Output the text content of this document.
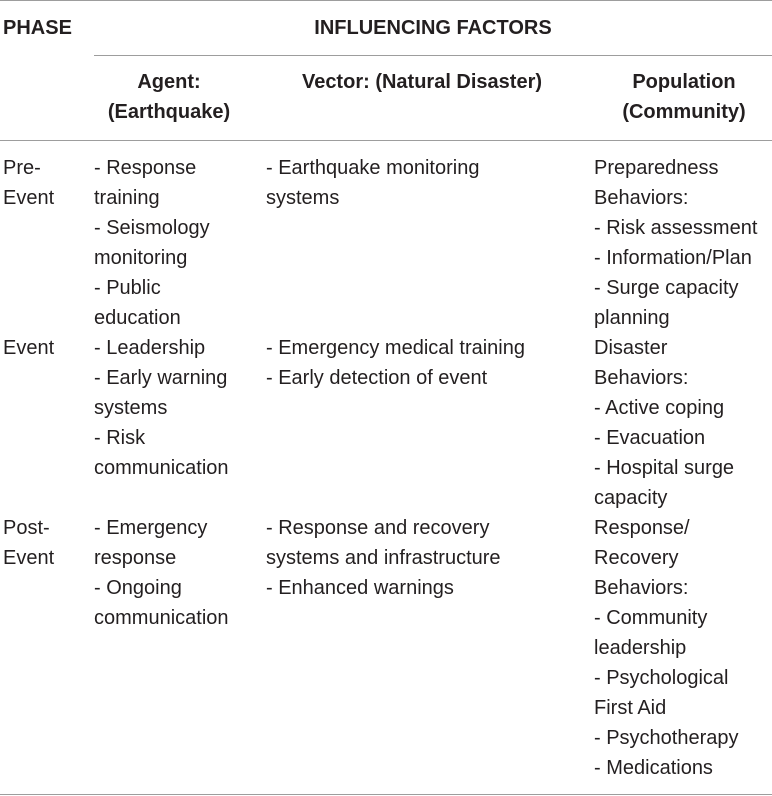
PHASE	INFLUENCING FACTORS
Agent:
(Earthquake)
Vector: (Natural Disaster)	Population
(Community)
Pre-
Event
- Response
training
- Seismology
monitoring
- Public
education
- Earthquake monitoring
systems
Preparedness
Behaviors:
- Risk assessment
- Information/Plan
- Surge capacity
planning
Event - Leadership
- Early warning
systems
- Risk
communication
- Emergency medical training
- Early detection of event
Disaster
Behaviors:
- Active coping
- Evacuation
- Hospital surge
capacity
Post-
Event
- Emergency
response
- Ongoing
communication
- Response and recovery
systems and infrastructure
- Enhanced warnings
Response/
Recovery
Behaviors:
- Community
leadership
- Psychological
First Aid
- Psychotherapy
- Medications
